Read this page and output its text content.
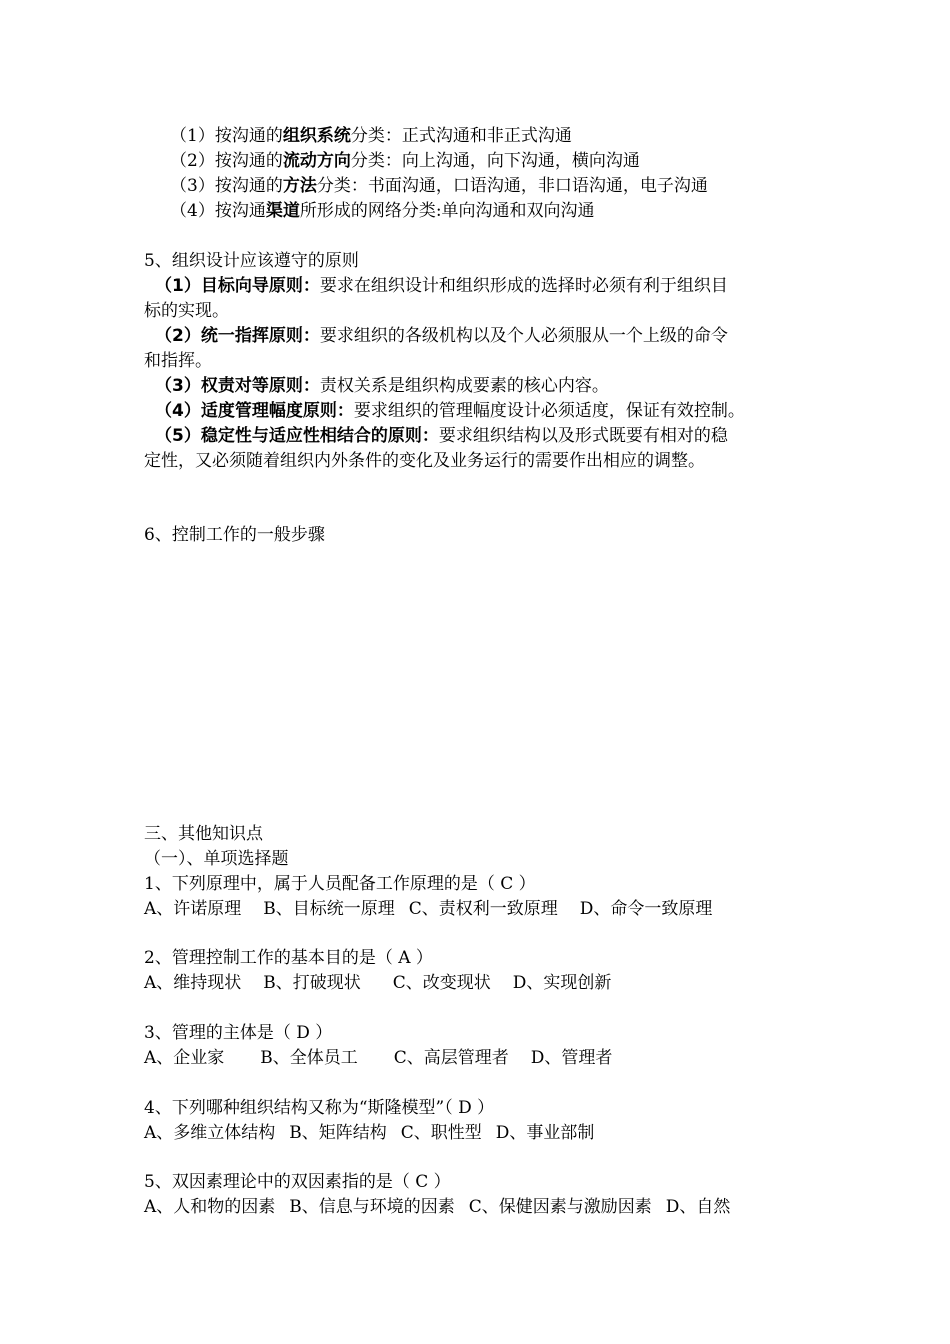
（1）按沟通的组织系统分类：正式沟通和非正式沟通
（2）按沟通的流动方向分类：向上沟通，向下沟通，横向沟通
（3）按沟通的方法分类：书面沟通，口语沟通，非口语沟通，电子沟通
（4）按沟通渠道所形成的网络分类:单向沟通和双向沟通
5、组织设计应该遵守的原则
（1）目标向导原则：要求在组织设计和组织形成的选择时必须有利于组织目
标的实现。
（2）统一指挥原则：要求组织的各级机构以及个人必须服从一个上级的命令
和指挥。
（3）权责对等原则：责权关系是组织构成要素的核心内容。
（4）适度管理幅度原则：要求组织的管理幅度设计必须适度，保证有效控制。
（5）稳定性与适应性相结合的原则：要求组织结构以及形式既要有相对的稳
定性，又必须随着组织内外条件的变化及业务运行的需要作出相应的调整。
6、控制工作的一般步骤
三、其他知识点
（一）、单项选择题
1、下列原理中，属于人员配备工作原理的是（ C ）
A、许诺原理 B、目标统一原理 C、责权利一致原理 D、命令一致原理
2、管理控制工作的基本目的是（ A ）
A、维持现状 B、打破现状 C、改变现状 D、实现创新
3、管理的主体是（ D ）
A、企业家 B、全体员工 C、高层管理者 D、管理者
4、下列哪种组织结构又称为“斯隆模型”（ D ）
A、多维立体结构 B、矩阵结构 C、职性型 D、事业部制
5、双因素理论中的双因素指的是（ C ）
A、人和物的因素 B、信息与环境的因素 C、保健因素与激励因素 D、自然
